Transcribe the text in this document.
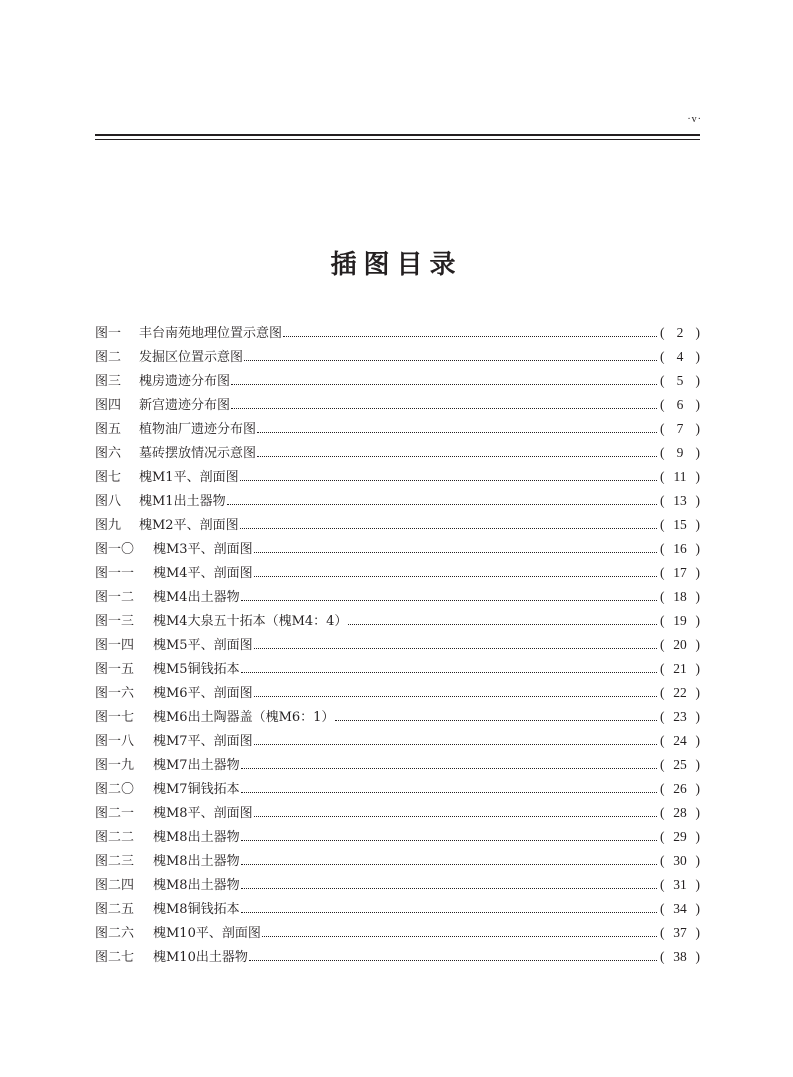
·v·
插图目录
图一	丰台南苑地理位置示意图	( 2 )
图二	发掘区位置示意图	( 4 )
图三	槐房遗迹分布图	( 5 )
图四	新宫遗迹分布图	( 6 )
图五	植物油厂遗迹分布图	( 7 )
图六	墓砖摆放情况示意图	( 9 )
图七	槐M1平、剖面图	( 11 )
图八	槐M1出土器物	( 13 )
图九	槐M2平、剖面图	( 15 )
图一〇	槐M3平、剖面图	( 16 )
图一一	槐M4平、剖面图	( 17 )
图一二	槐M4出土器物	( 18 )
图一三	槐M4大泉五十拓本（槐M4：4）	( 19 )
图一四	槐M5平、剖面图	( 20 )
图一五	槐M5铜钱拓本	( 21 )
图一六	槐M6平、剖面图	( 22 )
图一七	槐M6出土陶器盖（槐M6：1）	( 23 )
图一八	槐M7平、剖面图	( 24 )
图一九	槐M7出土器物	( 25 )
图二〇	槐M7铜钱拓本	( 26 )
图二一	槐M8平、剖面图	( 28 )
图二二	槐M8出土器物	( 29 )
图二三	槐M8出土器物	( 30 )
图二四	槐M8出土器物	( 31 )
图二五	槐M8铜钱拓本	( 34 )
图二六	槐M10平、剖面图	( 37 )
图二七	槐M10出土器物	( 38 )
